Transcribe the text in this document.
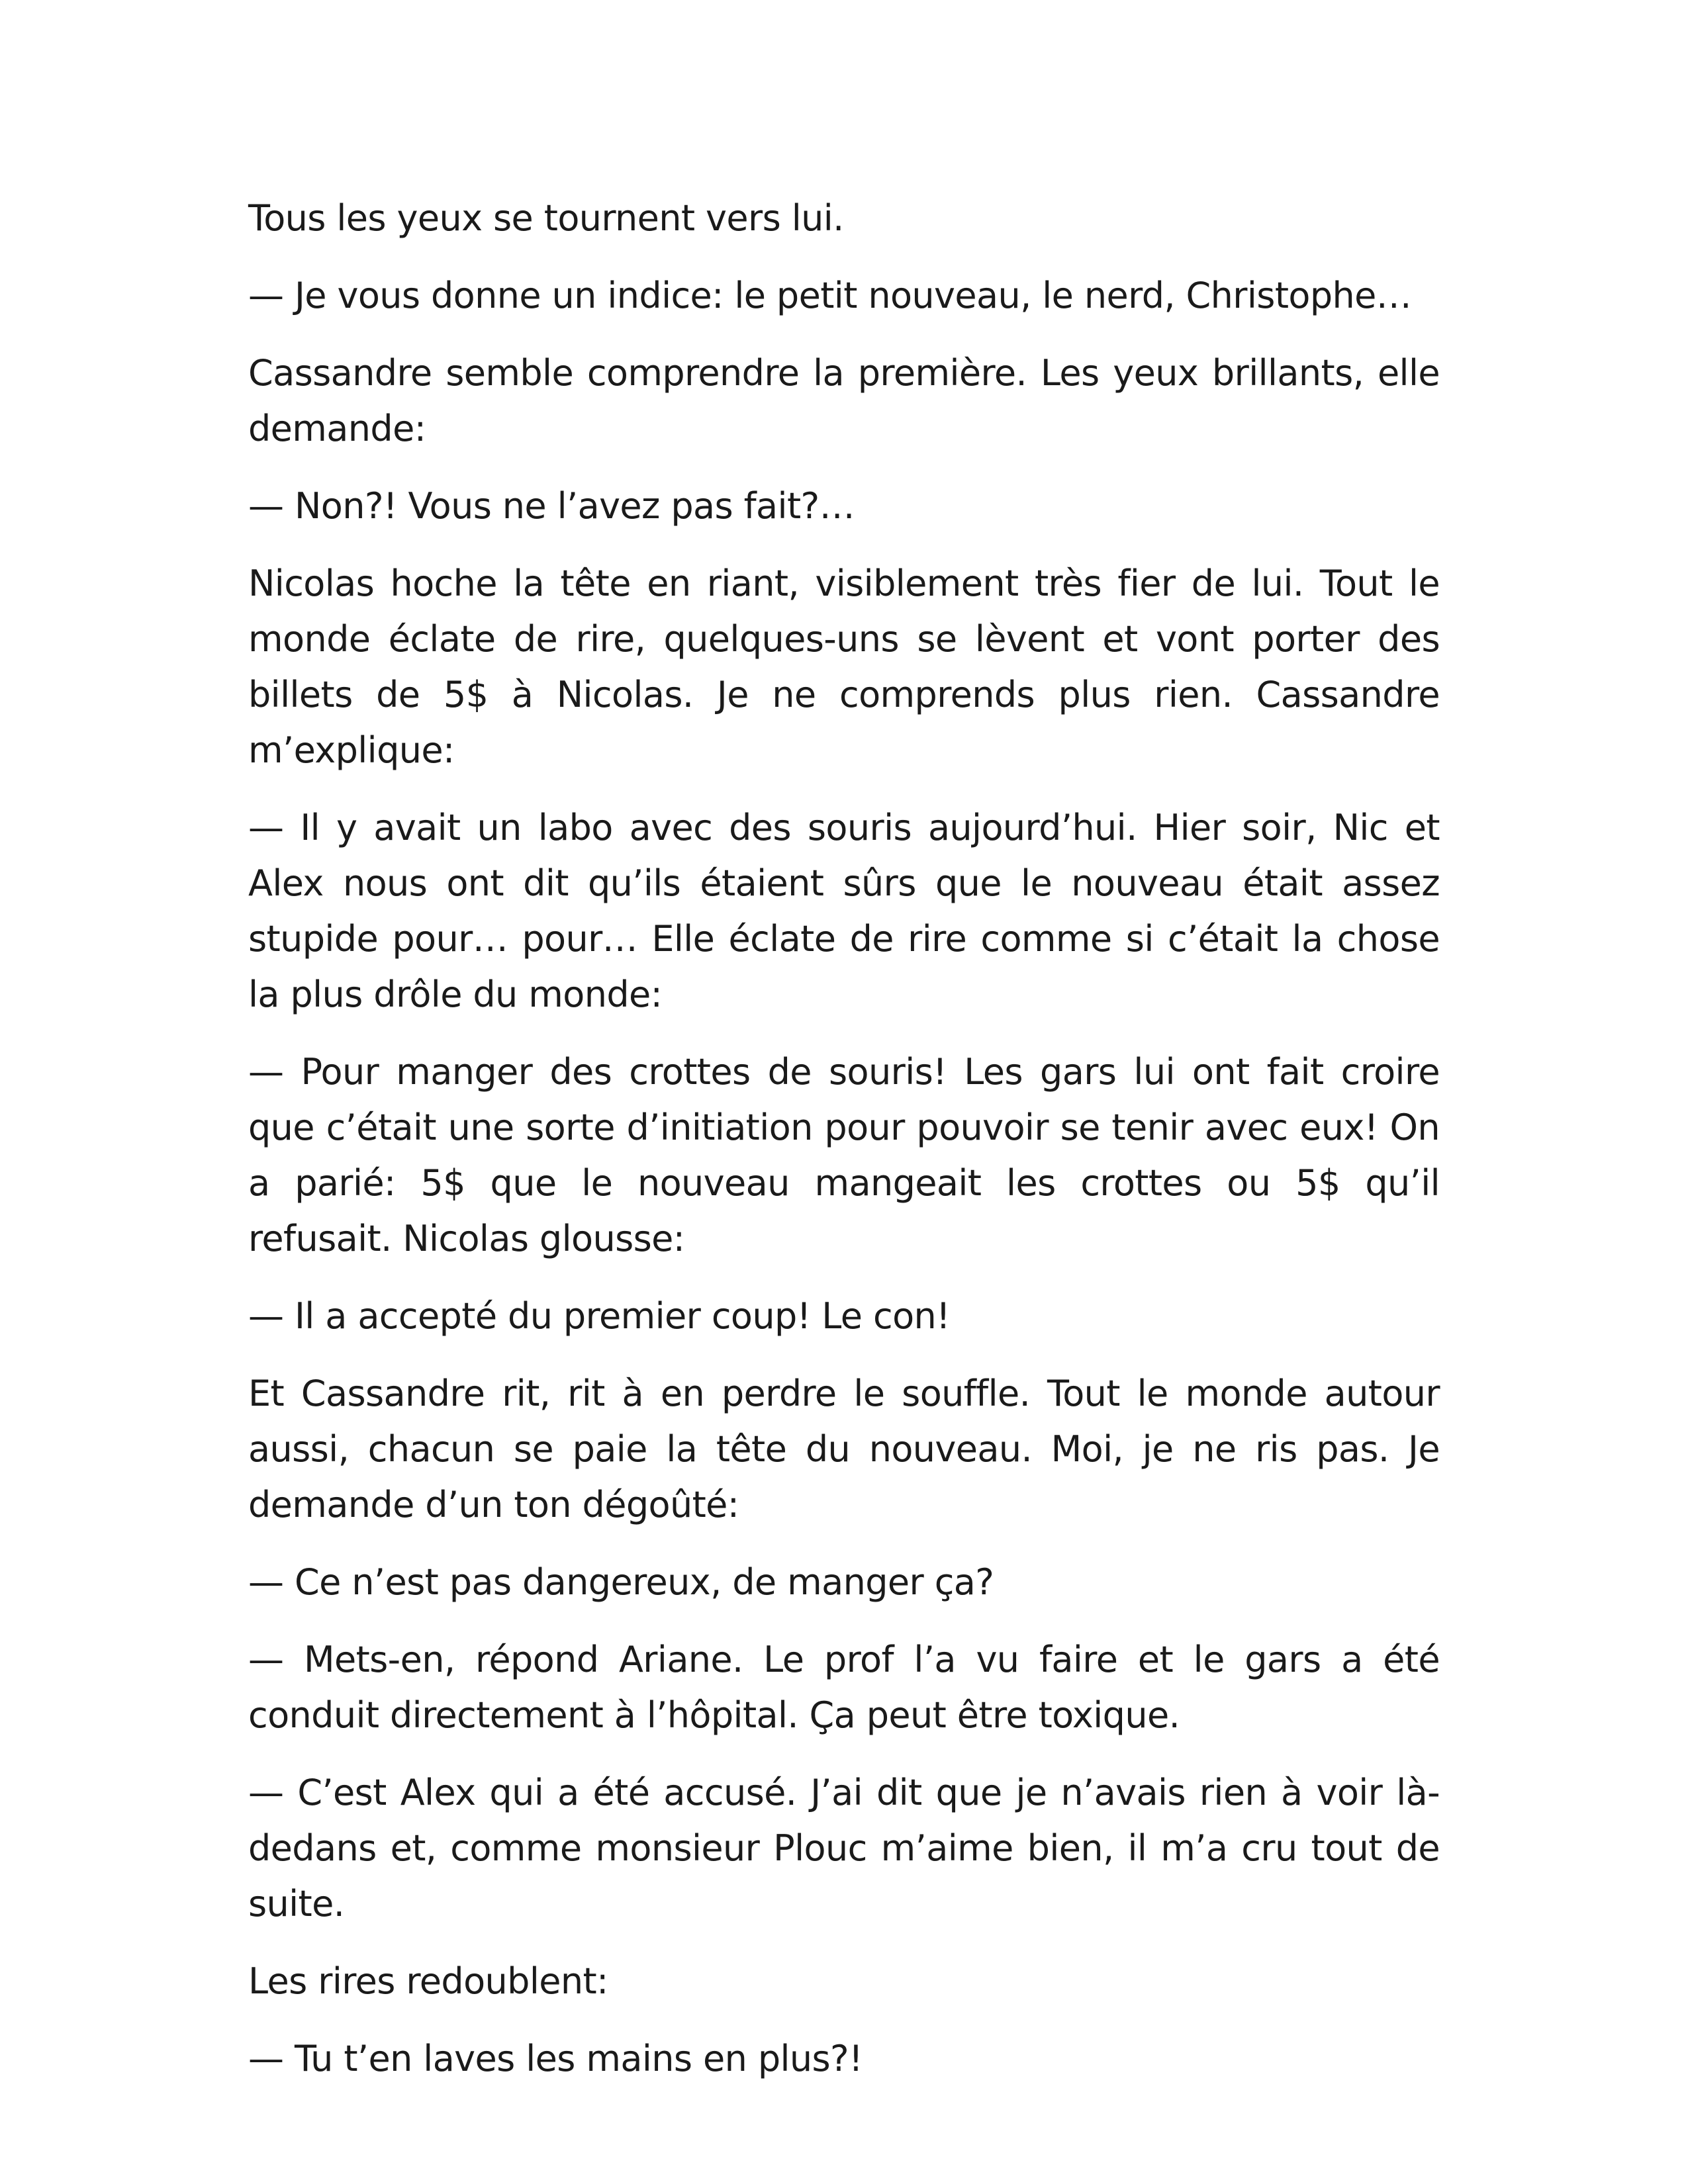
Tous les yeux se tournent vers lui.

— Je vous donne un indice: le petit nouveau, le nerd, Christophe…

Cassandre semble comprendre la première. Les yeux brillants, elle demande:

— Non?! Vous ne l’avez pas fait?…

Nicolas hoche la tête en riant, visiblement très fier de lui. Tout le monde éclate de rire, quelques-uns se lèvent et vont porter des billets de 5$ à Nicolas. Je ne comprends plus rien. Cassandre m’explique:

— Il y avait un labo avec des souris aujourd’hui. Hier soir, Nic et Alex nous ont dit qu’ils étaient sûrs que le nouveau était assez stupide pour… pour… Elle éclate de rire comme si c’était la chose la plus drôle du monde:

— Pour manger des crottes de souris! Les gars lui ont fait croire que c’était une sorte d’initiation pour pouvoir se tenir avec eux! On a parié: 5$ que le nouveau mangeait les crottes ou 5$ qu’il refusait. Nicolas glousse:

— Il a accepté du premier coup! Le con!

Et Cassandre rit, rit à en perdre le souffle. Tout le monde autour aussi, chacun se paie la tête du nouveau. Moi, je ne ris pas. Je demande d’un ton dégoûté:

— Ce n’est pas dangereux, de manger ça?

— Mets-en, répond Ariane. Le prof l’a vu faire et le gars a été conduit directement à l’hôpital. Ça peut être toxique.

— C’est Alex qui a été accusé. J’ai dit que je n’avais rien à voir là-dedans et, comme monsieur Plouc m’aime bien, il m’a cru tout de suite.

Les rires redoublent:

— Tu t’en laves les mains en plus?!
